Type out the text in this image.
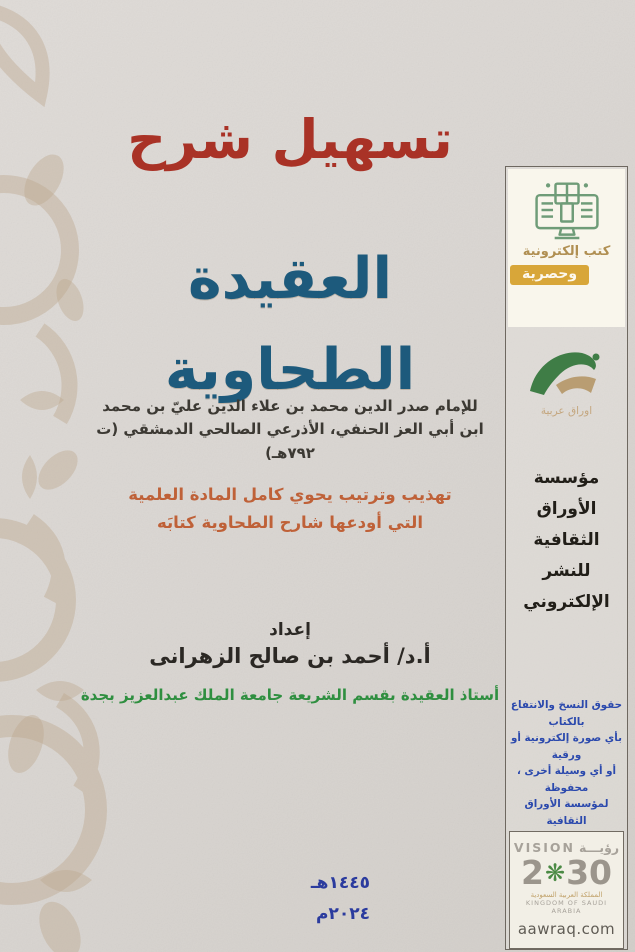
تسهيل شرح
العقيدة الطحاوية
للإمام صدر الدين محمد بن علاء الدين عليّ بن محمد
ابن أبي العز الحنفي، الأذرعي الصالحي الدمشقي (ت ٧٩٢هـ)
تهذيب وترتيب يحوي كامل المادة العلمية
التي أودعها شارح الطحاوية كتابَه
إعداد
أ.د/ أحمد بن صالح الزهرانى
أستاذ العقيدة بقسم الشريعة جامعة الملك عبدالعزيز بجدة
١٤٤٥هـ
٢٠٢٤م
كتب إلكترونية
وحصرية
اوراق عربية
مؤسسة
الأوراق
الثقافية
للنشر
الإلكتروني
حقوق النسخ والانتفاع بالكتاب
بأي صورة إلكترونية أو ورقية
أو أي وسيلة أخرى ، محفوظة
لمؤسسة الأوراق الثقافية
VISION رؤيـــة
2 ❋ 30
المملكة العربية السعودية
KINGDOM OF SAUDI ARABIA
aawraq.com
